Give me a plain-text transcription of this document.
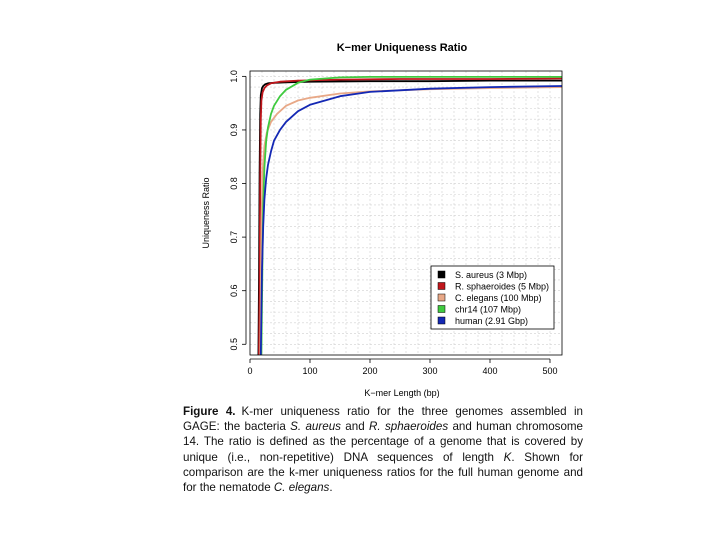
K−mer Uniqueness Ratio
0	100	200	300	400	500
0.5
0.6
0.7
0.8
0.9
1.0
K−mer Length (bp)
Uniqueness Ratio
S. aureus (3 Mbp)
R. sphaeroides (5 Mbp)
C. elegans (100 Mbp)
chr14 (107 Mbp)
human (2.91 Gbp)
Figure 4. K-mer uniqueness ratio for the three genomes assembled in GAGE: the bacteria S. aureus and R. sphaeroides and human chromosome 14. The ratio is defined as the percentage of a genome that is covered by unique (i.e., non-repetitive) DNA sequences of length K. Shown for comparison are the k-mer uniqueness ratios for the full human genome and for the nematode C. elegans.
